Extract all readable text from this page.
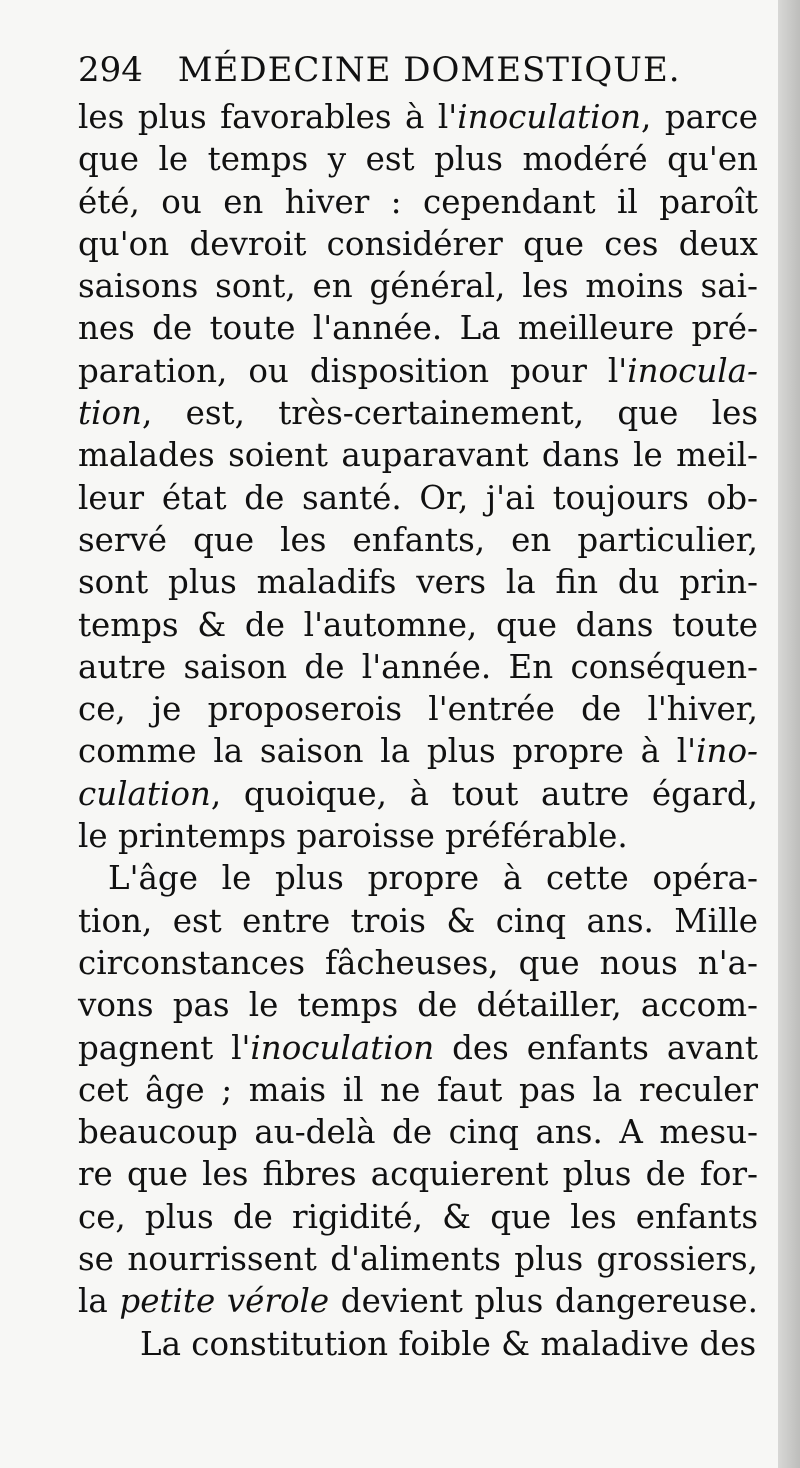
294 MÉDECINE DOMESTIQUE.
les plus favorables à l'inoculation, parce
que le temps y est plus modéré qu'en
été, ou en hiver : cependant il paroît
qu'on devroit considérer que ces deux
saisons sont, en général, les moins sai-
nes de toute l'année. La meilleure pré-
paration, ou disposition pour l'inocula-
tion, est, très-certainement, que les
malades soient auparavant dans le meil-
leur état de santé. Or, j'ai toujours ob-
servé que les enfants, en particulier,
sont plus maladifs vers la fin du prin-
temps & de l'automne, que dans toute
autre saison de l'année. En conséquen-
ce, je proposerois l'entrée de l'hiver,
comme la saison la plus propre à l'ino-
culation, quoique, à tout autre égard,
le printemps paroisse préférable.
L'âge le plus propre à cette opéra-
tion, est entre trois & cinq ans. Mille
circonstances fâcheuses, que nous n'a-
vons pas le temps de détailler, accom-
pagnent l'inoculation des enfants avant
cet âge ; mais il ne faut pas la reculer
beaucoup au-delà de cinq ans. A mesu-
re que les fibres acquierent plus de for-
ce, plus de rigidité, & que les enfants
se nourrissent d'aliments plus grossiers,
la petite vérole devient plus dangereuse.
La constitution foible & maladive des
